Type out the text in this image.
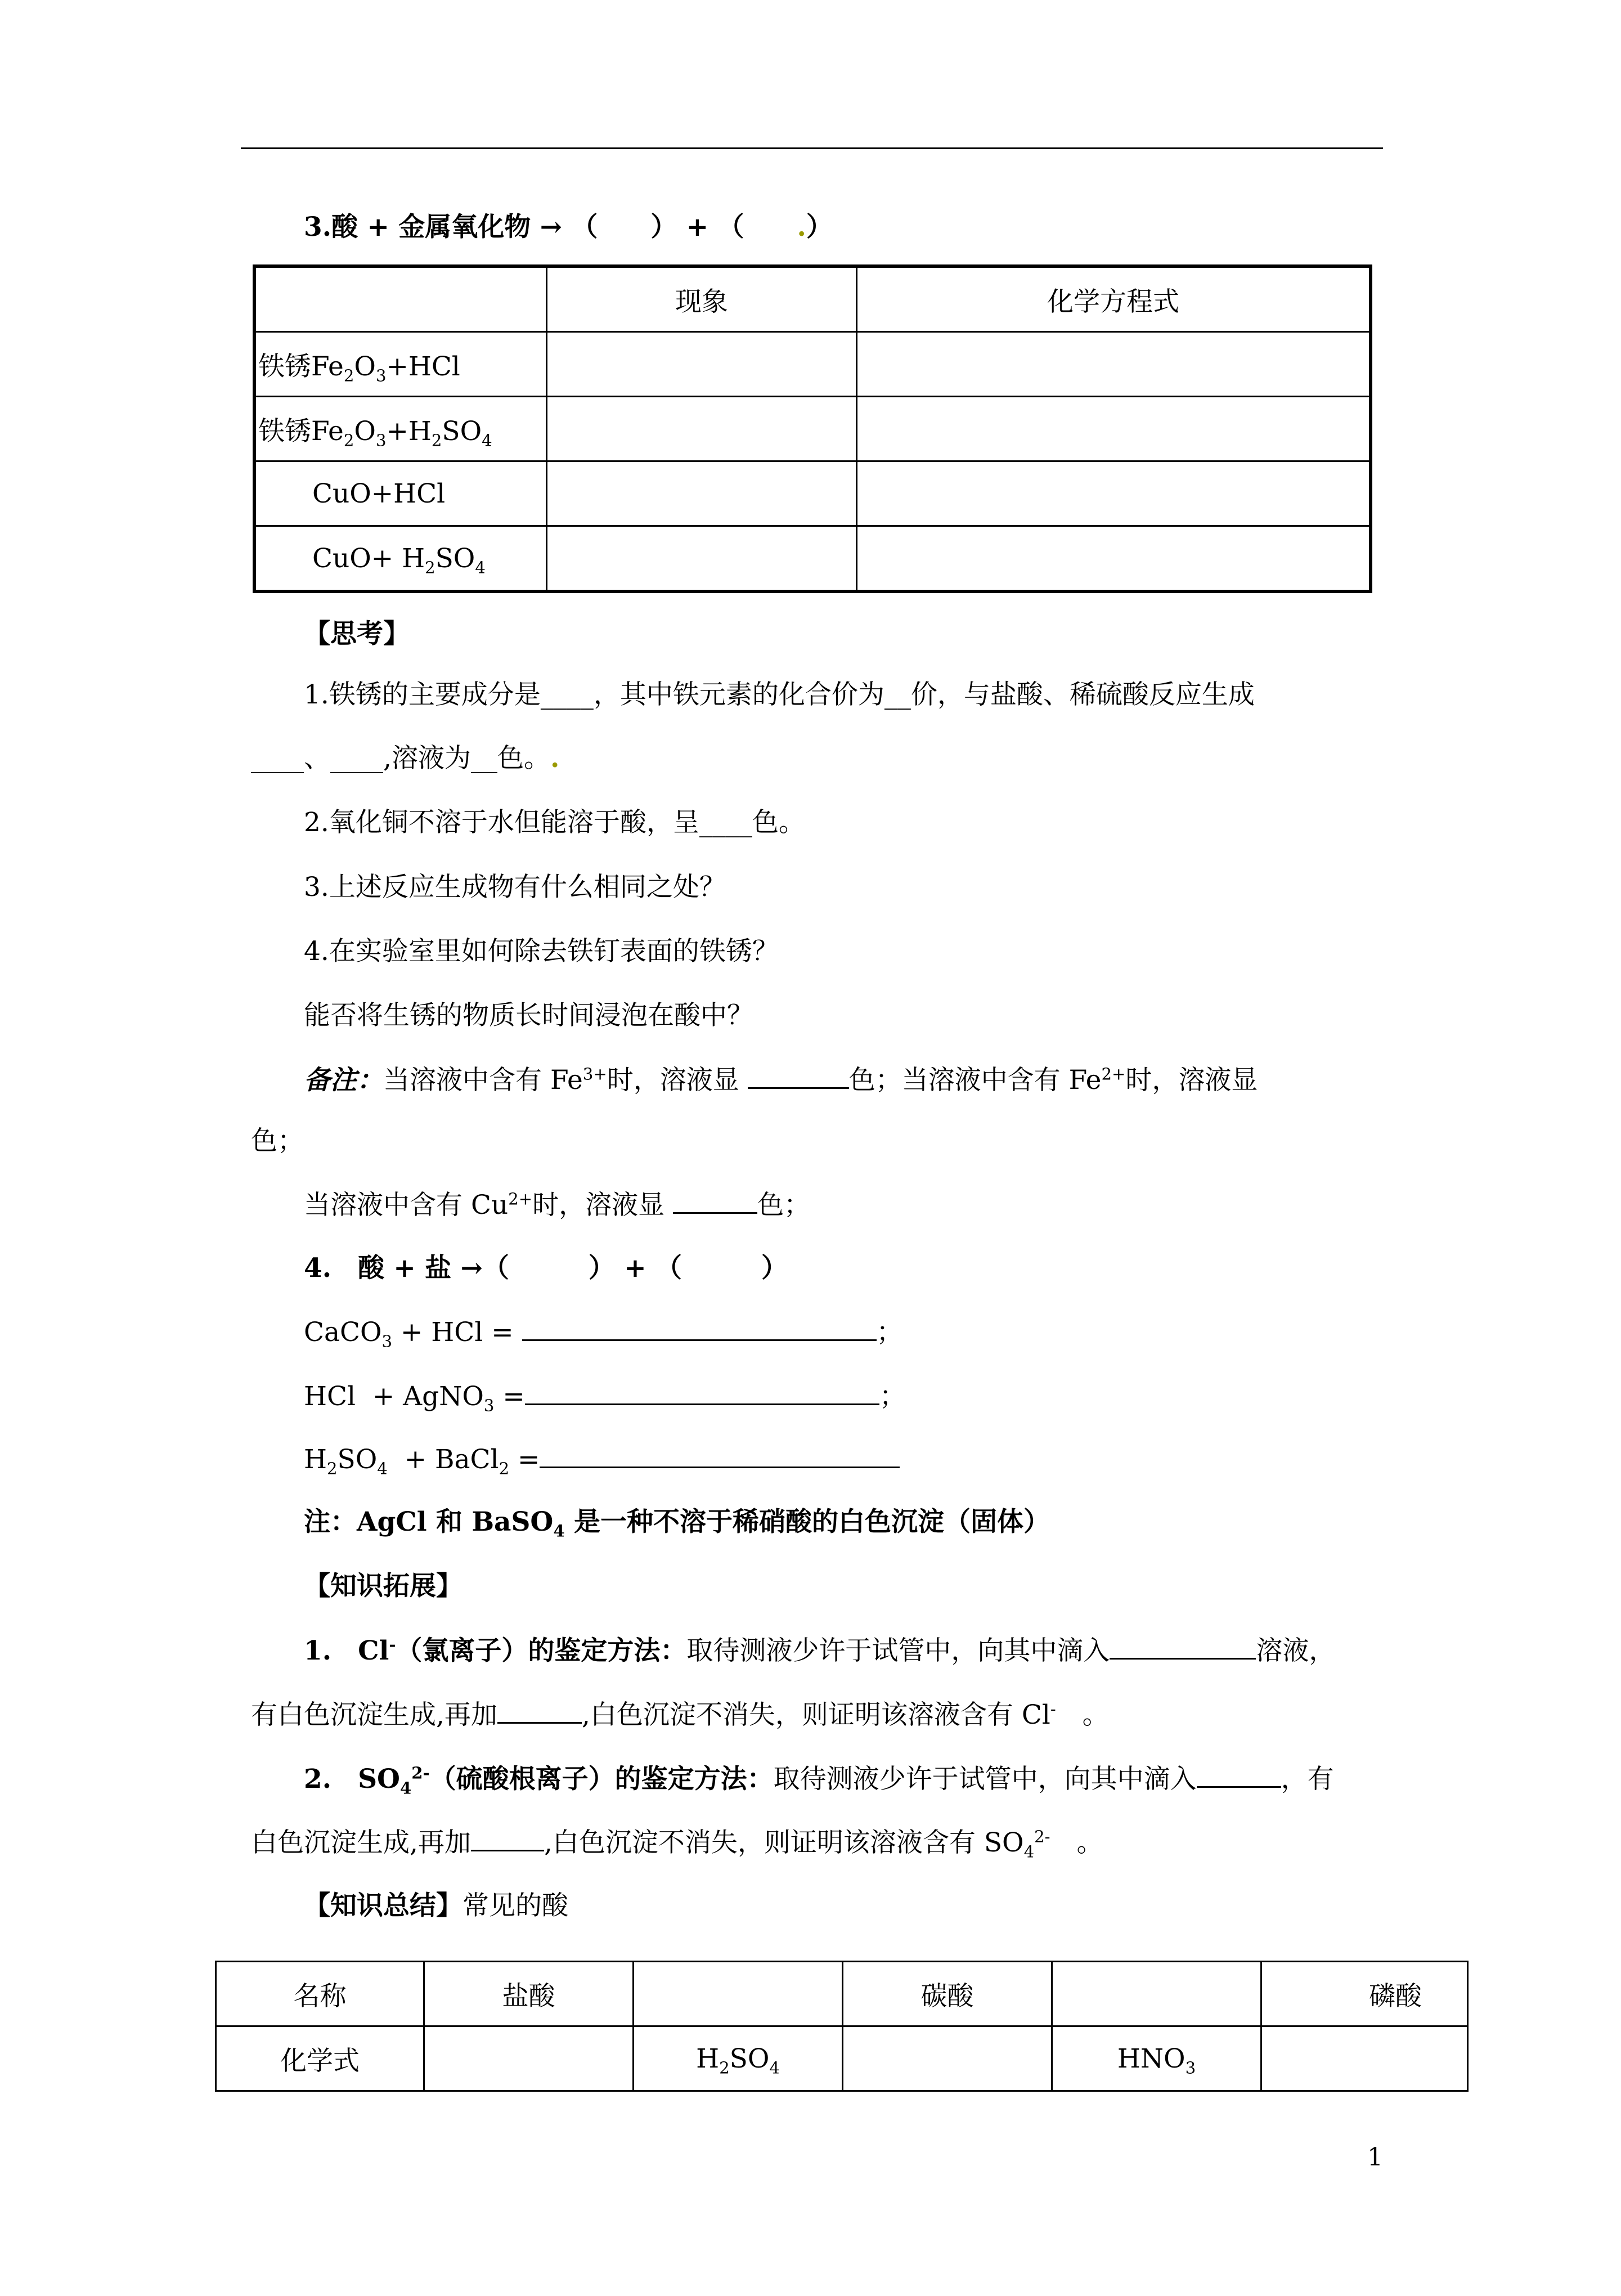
3.酸 + 金属氧化物 → （　　 ） + （　　 .）
	现象	化学方程式
铁锈$Fe_2O_3+HCl$		
铁锈$Fe_2O_3+H_2SO_4$		
CuO+HCl		
$CuO+ H_2SO_4$		
【思考】
1.铁锈的主要成分是____，其中铁元素的化合价为__价，与盐酸、稀硫酸反应生成
____、____,溶液为__色。.
2.氧化铜不溶于水但能溶于酸，呈____色。
3.上述反应生成物有什么相同之处？
4.在实验室里如何除去铁钉表面的铁锈？
能否将生锈的物质长时间浸泡在酸中？
备注：当溶液中含有 $Fe^{3+}$时，溶液显	色；当溶液中含有 $Fe^{2+}$时，溶液显
色；
当溶液中含有 $Cu^{2+}$时，溶液显	色；
4.　酸 + 盐 →（　　　） + （　　　）
CaCO$_3$ + HCl =	；
HCl  + AgNO$_3$ =	；
$H_2SO_4$  + BaCl$_2$ =
注：AgCl 和 BaSO$_4$ 是一种不溶于稀硝酸的白色沉淀（固体）
【知识拓展】
1.　Cl-（氯离子）的鉴定方法：取待测液少许于试管中，向其中滴入	溶液，
有白色沉淀生成,再加	,白色沉淀不消失，则证明该溶液含有 Cl-　。
2.　$SO_4^{2-}$（硫酸根离子）的鉴定方法：取待测液少许于试管中，向其中滴入	，有
白色沉淀生成,再加	,白色沉淀不消失，则证明该溶液含有 $SO_4^{2-}$　。
【知识总结】常见的酸
名称	盐酸		碳酸		磷酸
化学式		$H_2SO_4$		$HNO_3$	
1
